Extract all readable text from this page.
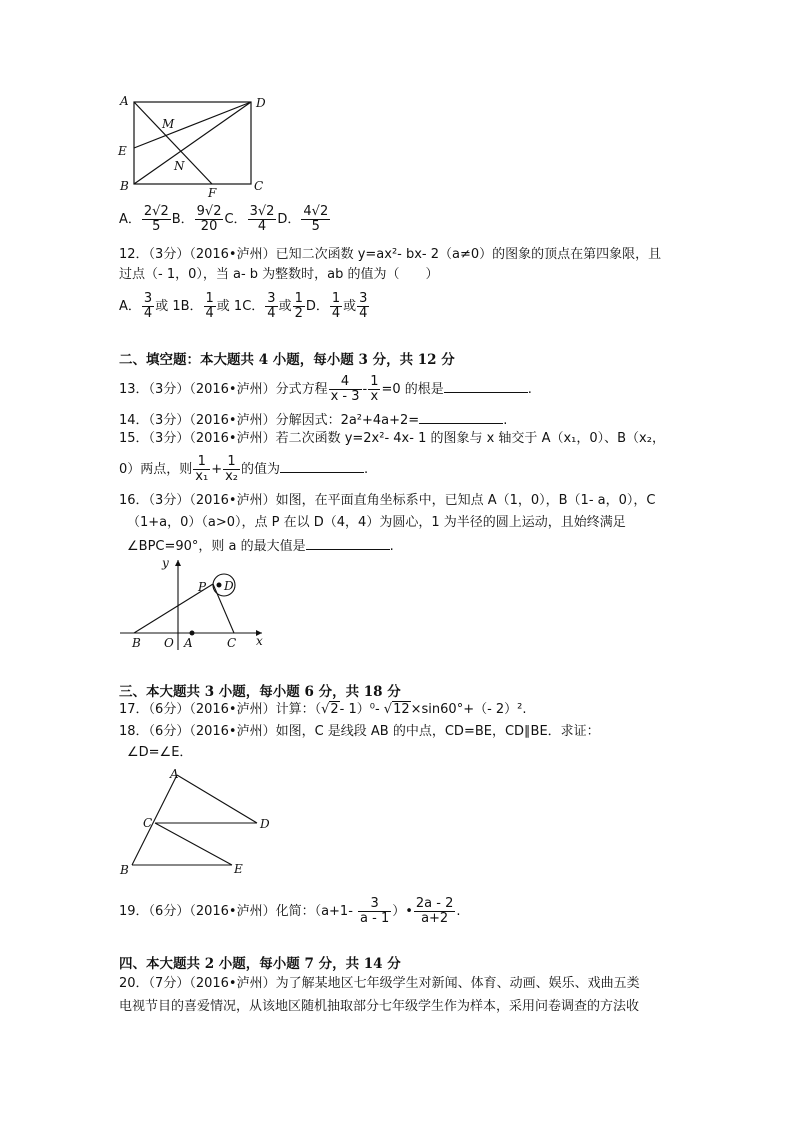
A	D
M
E
N
B	F	C
A． $\frac{2√2}{5}$ B． $\frac{9√2}{20}$ C． $\frac{3√2}{4}$ D． $\frac{4√2}{5}$
12．（3分）（2016•泸州）已知二次函数 y=ax²- bx- 2（a≠0）的图象的顶点在第四象限，且
过点（- 1，0），当 a- b 为整数时，ab 的值为（　　）
A． $\frac{3}{4}$ 或 1B． $\frac{1}{4}$ 或 1C． $\frac{3}{4}$ 或 $\frac{1}{2}$ D． $\frac{1}{4}$ 或 $\frac{3}{4}$
二、填空题：本大题共 4 小题，每小题 3 分，共 12 分
13．（3分）（2016•泸州）分式方程 $\frac{4}{x - 3} - \frac{1}{x} =0$ 的根是	.
14．（3分）（2016•泸州）分解因式：2a²+4a+2=	.
15．（3分）（2016•泸州）若二次函数 y=2x²- 4x- 1 的图象与 x 轴交于 A（x₁，0）、B（x₂，
0）两点，则 $\frac{1}{\text{x₁}} + \frac{1}{\text{x₂}}$ 的值为	.
16．（3分）（2016•泸州）如图，在平面直角坐标系中，已知点 A（1，0），B（1- a，0），C
（1+a，0）（a>0），点 P 在以 D（4，4）为圆心，1 为半径的圆上运动，且始终满足
∠BPC=90°，则 a 的最大值是	.
y
x
P D
B O A	C
三、本大题共 3 小题，每小题 6 分，共 18 分
17．（6分）（2016•泸州）计算：（√2- 1）⁰- √12×sin60°+（- 2）².
18．（6分）（2016•泸州）如图，C 是线段 AB 的中点，CD=BE，CD∥BE．求证：
∠D=∠E．
A
C	D
B	E
19．（6分）（2016•泸州）化简：（$a+1- \frac{3}{a - 1}$ ）• $\frac{2a - 2}{a+2}$ .
四、本大题共 2 小题，每小题 7 分，共 14 分
20．（7分）（2016•泸州）为了解某地区七年级学生对新闻、体育、动画、娱乐、戏曲五类
电视节目的喜爱情况，从该地区随机抽取部分七年级学生作为样本，采用问卷调查的方法收
